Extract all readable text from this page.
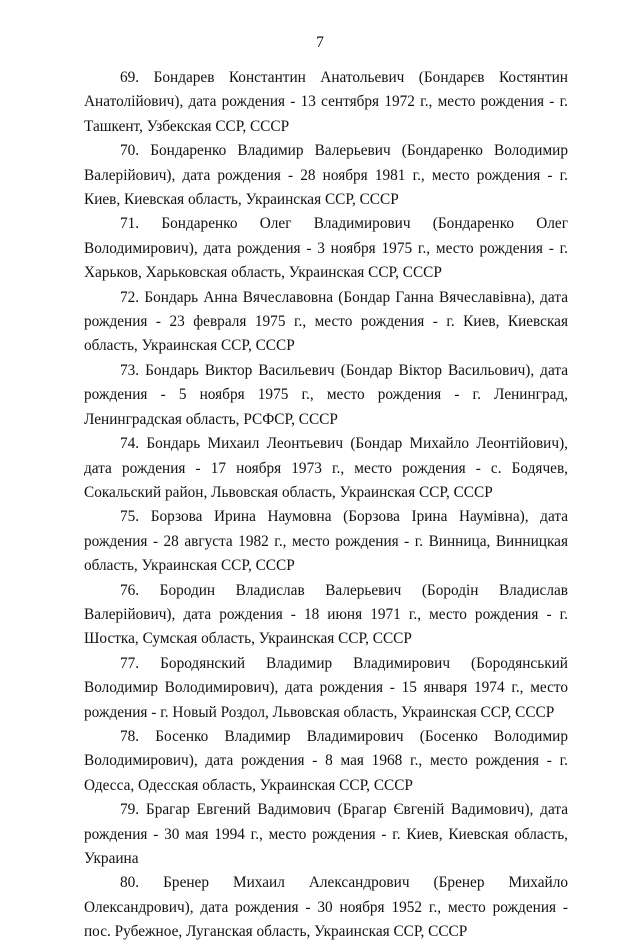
7

69. Бондарев Константин Анатольевич (Бондарєв Костянтин Анатолійович), дата рождения - 13 сентября 1972 г., место рождения - г. Ташкент, Узбекская ССР, СССР

70. Бондаренко Владимир Валерьевич (Бондаренко Володимир Валерійович), дата рождения - 28 ноября 1981 г., место рождения - г. Киев, Киевская область, Украинская ССР, СССР

71. Бондаренко Олег Владимирович (Бондаренко Олег Володимирович), дата рождения - 3 ноября 1975 г., место рождения - г. Харьков, Харьковская область, Украинская ССР, СССР

72. Бондарь Анна Вячеславовна (Бондар Ганна Вячеславівна), дата рождения - 23 февраля 1975 г., место рождения - г. Киев, Киевская область, Украинская ССР, СССР

73. Бондарь Виктор Васильевич (Бондар Віктор Васильович), дата рождения - 5 ноября 1975 г., место рождения - г. Ленинград, Ленинградская область, РСФСР, СССР

74. Бондарь Михаил Леонтьевич (Бондар Михайло Леонтійович), дата рождения - 17 ноября 1973 г., место рождения - с. Бодячев, Сокальский район, Львовская область, Украинская ССР, СССР

75. Борзова Ирина Наумовна (Борзова Ірина Наумівна), дата рождения - 28 августа 1982 г., место рождения - г. Винница, Винницкая область, Украинская ССР, СССР

76. Бородин Владислав Валерьевич (Бородін Владислав Валерійович), дата рождения - 18 июня 1971 г., место рождения - г. Шостка, Сумская область, Украинская ССР, СССР

77. Бородянский Владимир Владимирович (Бородянський Володимир Володимирович), дата рождения - 15 января 1974 г., место рождения - г. Новый Роздол, Львовская область, Украинская ССР, СССР

78. Босенко Владимир Владимирович (Босенко Володимир Володимирович), дата рождения - 8 мая 1968 г., место рождения - г. Одесса, Одесская область, Украинская ССР, СССР

79. Брагар Евгений Вадимович (Брагар Євгеній Вадимович), дата рождения - 30 мая 1994 г., место рождения - г. Киев, Киевская область, Украина

80. Бренер Михаил Александрович (Бренер Михайло Олександрович), дата рождения - 30 ноября 1952 г., место рождения - пос. Рубежное, Луганская область, Украинская ССР, СССР
